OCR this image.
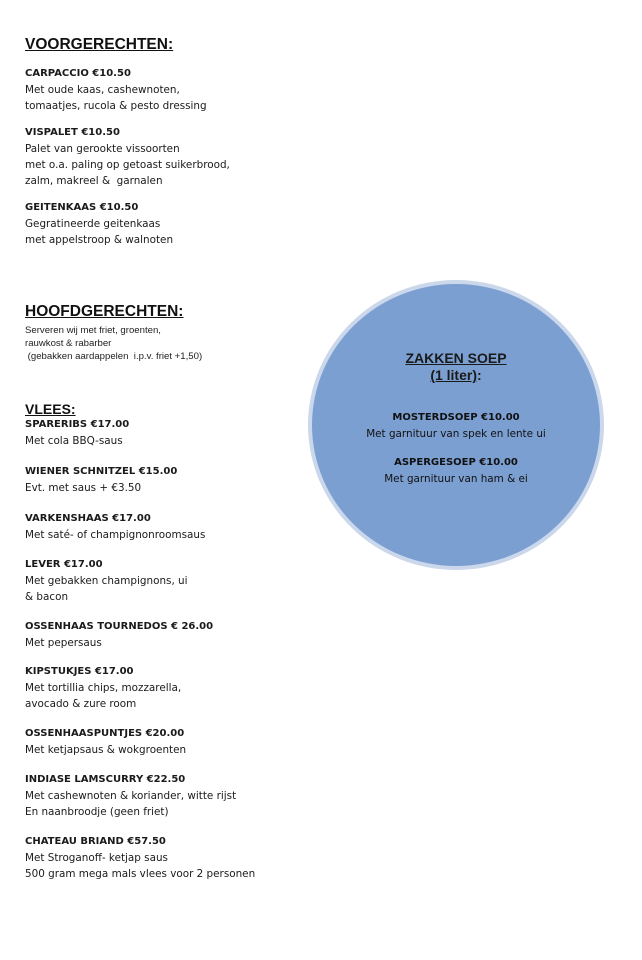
VOORGERECHTEN:
CARPACCIO €10.50
Met oude kaas, cashewnoten,
tomaatjes, rucola & pesto dressing
VISPALET €10.50
Palet van gerookte vissoorten
met o.a. paling op getoast suikerbrood,
zalm, makreel &  garnalen
GEITENKAAS €10.50
Gegratineerde geitenkaas
met appelstroop & walnoten
HOOFDGERECHTEN:
Serveren wij met friet, groenten,
rauwkost & rabarber
(gebakken aardappelen  i.p.v. friet +1,50)
VLEES:
SPARERIBS €17.00
Met cola BBQ-saus
WIENER SCHNITZEL €15.00
Evt. met saus + €3.50
VARKENSHAAS €17.00
Met saté- of champignonroomsaus
LEVER €17.00
Met gebakken champignons, ui
& bacon
OSSENHAAS TOURNEDOS € 26.00
Met pepersaus
KIPSTUKJES €17.00
Met tortillia chips, mozzarella,
avocado & zure room
OSSENHAASPUNTJES €20.00
Met ketjapsaus & wokgroenten
INDIASE LAMSCURRY €22.50
Met cashewnoten & koriander, witte rijst
En naanbroodje (geen friet)
CHATEAU BRIAND €57.50
Met Stroganoff- ketjap saus
500 gram mega mals vlees voor 2 personen
ZAKKEN SOEP
(1 liter):
MOSTERDSOEP €10.00
Met garnituur van spek en lente ui
ASPERGESOEP €10.00
Met garnituur van ham & ei
